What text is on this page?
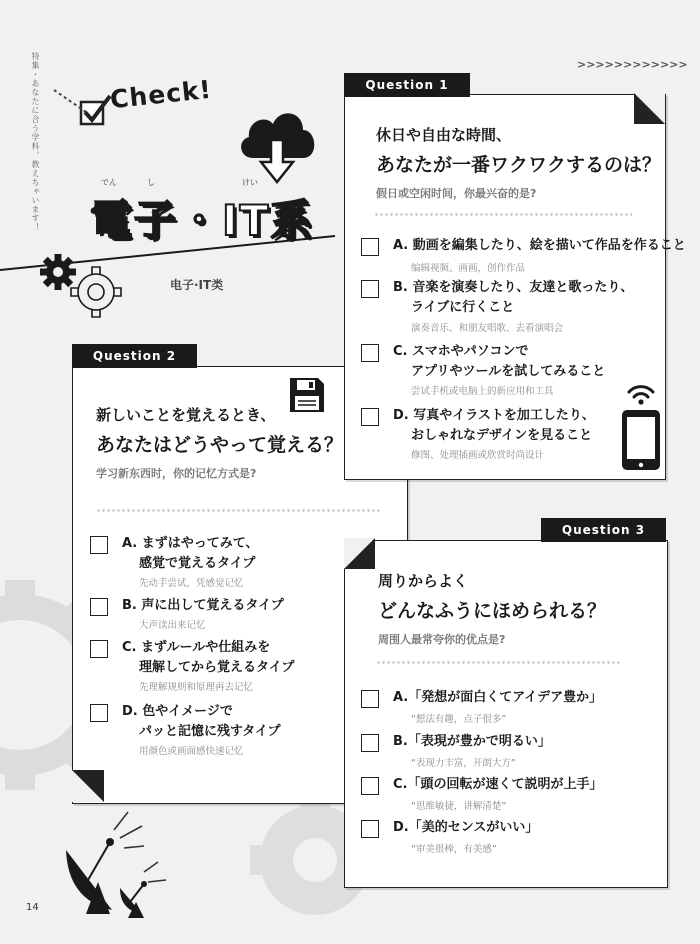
特集・あなたに合う学科、教えちゃいます！	>>>>>>>>>>>>
Check!
でん	し	けい
電子・IT系
电子·IT类
Question 2
新しいことを覚えるとき、
あなたはどうやって覚える？
学习新东西时，你的记忆方式是?
A. まずはやってみて、
感覚で覚えるタイプ
先动手尝试，凭感觉记忆
B. 声に出して覚えるタイプ
大声读出来记忆
C. まずルールや仕組みを
理解してから覚えるタイプ
先理解规则和原理再去记忆
D. 色やイメージで
パッと記憶に残すタイプ
用颜色或画面感快速记忆
Question 1
休日や自由な時間、
あなたが一番ワクワクするのは？
假日或空闲时间，你最兴奋的是?
A. 動画を編集したり、絵を描いて作品を作ること
编辑视频、画画，创作作品
B. 音楽を演奏したり、友達と歌ったり、
ライブに行くこと
演奏音乐、和朋友唱歌、去看演唱会
C. スマホやパソコンで
アプリやツールを試してみること
尝试手机或电脑上的新应用和工具
D. 写真やイラストを加工したり、
おしゃれなデザインを見ること
修图、处理插画或欣赏时尚设计
Question 3
周りからよく
どんなふうにほめられる？
周围人最常夸你的优点是?
A.「発想が面白くてアイデア豊か」
“想法有趣，点子很多”
B.「表現が豊かで明るい」
“表现力丰富，开朗大方”
C.「頭の回転が速くて説明が上手」
“思维敏捷，讲解清楚”
D.「美的センスがいい」
“审美很棒，有美感”
14
